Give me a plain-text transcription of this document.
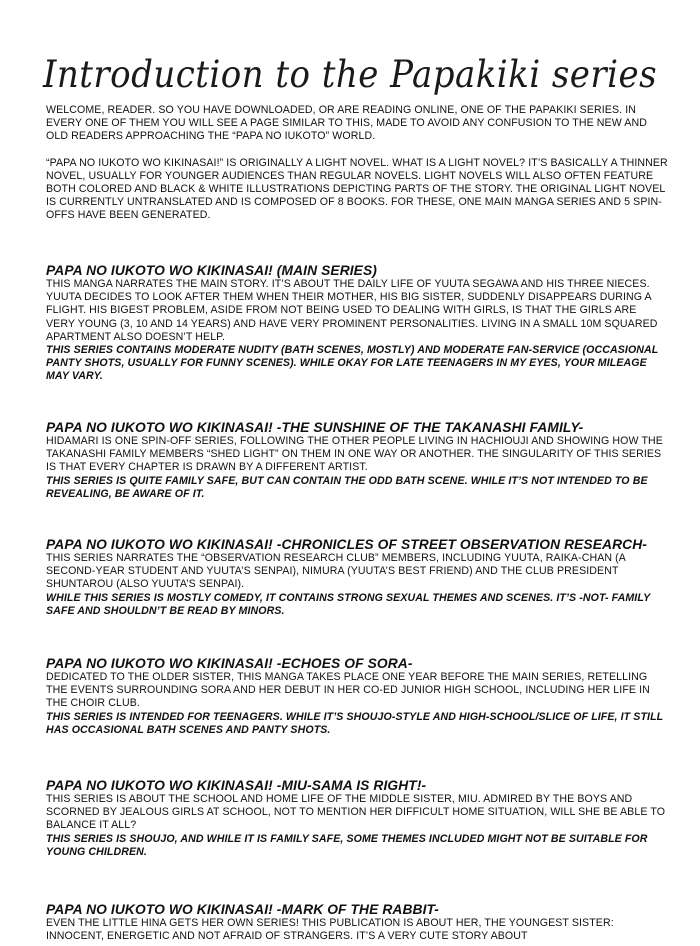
Introduction to the Papakiki series

WELCOME, READER. SO YOU HAVE DOWNLOADED, OR ARE READING ONLINE, ONE OF THE PAPAKIKI SERIES. IN EVERY ONE OF THEM YOU WILL SEE A PAGE SIMILAR TO THIS, MADE TO AVOID ANY CONFUSION TO THE NEW AND OLD READERS APPROACHING THE “PAPA NO IUKOTO” WORLD.

“PAPA NO IUKOTO WO KIKINASAI!” IS ORIGINALLY A LIGHT NOVEL. WHAT IS A LIGHT NOVEL? IT’S BASICALLY A THINNER NOVEL, USUALLY FOR YOUNGER AUDIENCES THAN REGULAR NOVELS. LIGHT NOVELS WILL ALSO OFTEN FEATURE BOTH COLORED AND BLACK & WHITE ILLUSTRATIONS DEPICTING PARTS OF THE STORY. THE ORIGINAL LIGHT NOVEL IS CURRENTLY UNTRANSLATED AND IS COMPOSED OF 8 BOOKS. FOR THESE, ONE MAIN MANGA SERIES AND 5 SPIN-OFFS HAVE BEEN GENERATED.

PAPA NO IUKOTO WO KIKINASAI! (MAIN SERIES)

THIS MANGA NARRATES THE MAIN STORY. IT’S ABOUT THE DAILY LIFE OF YUUTA SEGAWA AND HIS THREE NIECES. YUUTA DECIDES TO LOOK AFTER THEM WHEN THEIR MOTHER, HIS BIG SISTER, SUDDENLY DISAPPEARS DURING A FLIGHT. HIS BIGEST PROBLEM, ASIDE FROM NOT BEING USED TO DEALING WITH GIRLS, IS THAT THE GIRLS ARE VERY YOUNG (3, 10 AND 14 YEARS) AND HAVE VERY PROMINENT PERSONALITIES. LIVING IN A SMALL 10M SQUARED APARTMENT ALSO DOESN’T HELP.

THIS SERIES CONTAINS MODERATE NUDITY (BATH SCENES, MOSTLY) AND MODERATE FAN-SERVICE (OCCASIONAL PANTY SHOTS, USUALLY FOR FUNNY SCENES). WHILE OKAY FOR LATE TEENAGERS IN MY EYES, YOUR MILEAGE MAY VARY.

PAPA NO IUKOTO WO KIKINASAI! -THE SUNSHINE OF THE TAKANASHI FAMILY-

HIDAMARI IS ONE SPIN-OFF SERIES, FOLLOWING THE OTHER PEOPLE LIVING IN HACHIOUJI AND SHOWING HOW THE TAKANASHI FAMILY MEMBERS “SHED LIGHT” ON THEM IN ONE WAY OR ANOTHER. THE SINGULARITY OF THIS SERIES IS THAT EVERY CHAPTER IS DRAWN BY A DIFFERENT ARTIST.

THIS SERIES IS QUITE FAMILY SAFE, BUT CAN CONTAIN THE ODD BATH SCENE. WHILE IT’S NOT INTENDED TO BE REVEALING, BE AWARE OF IT.

PAPA NO IUKOTO WO KIKINASAI! -CHRONICLES OF STREET OBSERVATION RESEARCH-

THIS SERIES NARRATES THE “OBSERVATION RESEARCH CLUB” MEMBERS, INCLUDING YUUTA, RAIKA-CHAN (A SECOND-YEAR STUDENT AND YUUTA’S SENPAI), NIMURA (YUUTA’S BEST FRIEND) AND THE CLUB PRESIDENT SHUNTAROU (ALSO YUUTA’S SENPAI).

WHILE THIS SERIES IS MOSTLY COMEDY, IT CONTAINS STRONG SEXUAL THEMES AND SCENES. IT’S -NOT- FAMILY SAFE AND SHOULDN’T BE READ BY MINORS.

PAPA NO IUKOTO WO KIKINASAI! -ECHOES OF SORA-

DEDICATED TO THE OLDER SISTER, THIS MANGA TAKES PLACE ONE YEAR BEFORE THE MAIN SERIES, RETELLING THE EVENTS SURROUNDING SORA AND HER DEBUT IN HER CO-ED JUNIOR HIGH SCHOOL, INCLUDING HER LIFE IN THE CHOIR CLUB.

THIS SERIES IS INTENDED FOR TEENAGERS. WHILE IT’S SHOUJO-STYLE AND HIGH-SCHOOL/SLICE OF LIFE, IT STILL HAS OCCASIONAL BATH SCENES AND PANTY SHOTS.

PAPA NO IUKOTO WO KIKINASAI! -MIU-SAMA IS RIGHT!-

THIS SERIES IS ABOUT THE SCHOOL AND HOME LIFE OF THE MIDDLE SISTER, MIU. ADMIRED BY THE BOYS AND SCORNED BY JEALOUS GIRLS AT SCHOOL, NOT TO MENTION HER DIFFICULT HOME SITUATION, WILL SHE BE ABLE TO BALANCE IT ALL?

THIS SERIES IS SHOUJO, AND WHILE IT IS FAMILY SAFE, SOME THEMES INCLUDED MIGHT NOT BE SUITABLE FOR YOUNG CHILDREN.

PAPA NO IUKOTO WO KIKINASAI! -MARK OF THE RABBIT-

EVEN THE LITTLE HINA GETS HER OWN SERIES! THIS PUBLICATION IS ABOUT HER, THE YOUNGEST SISTER: INNOCENT, ENERGETIC AND NOT AFRAID OF STRANGERS. IT’S A VERY CUTE STORY ABOUT
